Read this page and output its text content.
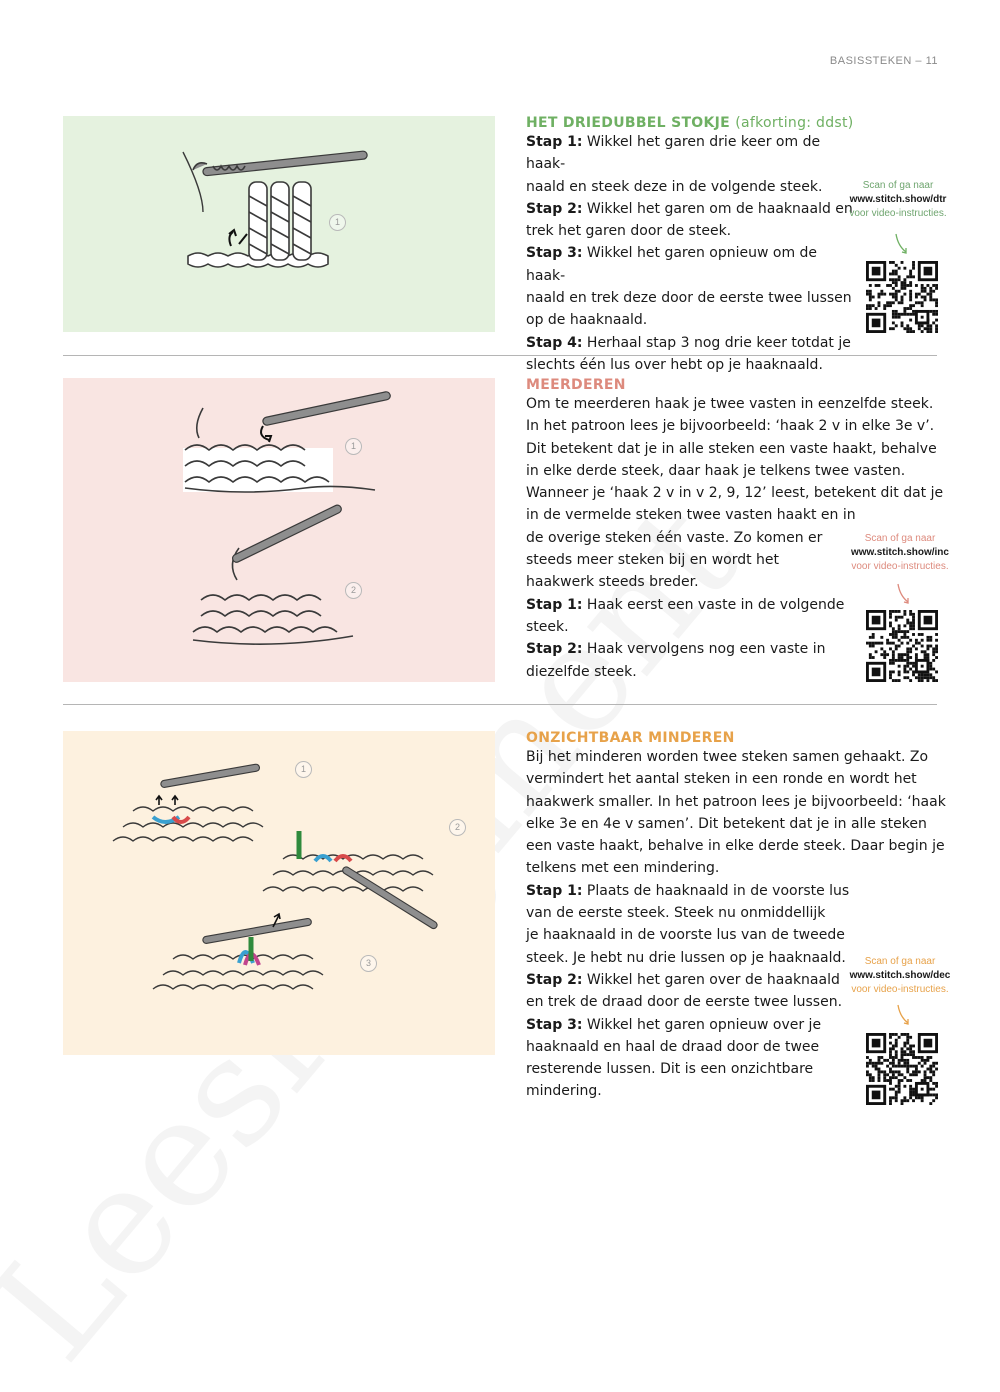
BASISSTEKEN – 11
1
HET DRIEDUBBEL STOKJE (afkorting: ddst)

Stap 1: Wikkel het garen drie keer om de haak-

naald en steek deze in de volgende steek.

Stap 2: Wikkel het garen om de haaknaald en

trek het garen door de steek.

Stap 3: Wikkel het garen opnieuw om de haak-

naald en trek deze door de eerste twee lussen

op de haaknaald.

Stap 4: Herhaal stap 3 nog drie keer totdat je

slechts één lus over hebt op je haaknaald.

Scan of ga naar
www.stitch.show/dtr
voor video-instructies.
1
2
MEERDEREN

Om te meerderen haak je twee vasten in eenzelfde steek.

In het patroon lees je bijvoorbeeld: ‘haak 2 v in elke 3e v’.

Dit betekent dat je in alle steken een vaste haakt, behalve

in elke derde steek, daar haak je telkens twee vasten.

Wanneer je ‘haak 2 v in v 2, 9, 12’ leest, betekent dit dat je

in de vermelde steken twee vasten haakt en in

de overige steken één vaste. Zo komen er

steeds meer steken bij en wordt het

haakwerk steeds breder.

Stap 1: Haak eerst een vaste in de volgende

steek.

Stap 2: Haak vervolgens nog een vaste in

diezelfde steek.

Scan of ga naar
www.stitch.show/inc
voor video-instructies.
1
2
3
ONZICHTBAAR MINDEREN

Bij het minderen worden twee steken samen gehaakt. Zo

vermindert het aantal steken in een ronde en wordt het

haakwerk smaller. In het patroon lees je bijvoorbeeld: ‘haak

elke 3e en 4e v samen’. Dit betekent dat je in alle steken

een vaste haakt, behalve in elke derde steek. Daar begin je

telkens met een mindering.

Stap 1: Plaats de haaknaald in de voorste lus

van de eerste steek. Steek nu onmiddellijk

je haaknaald in de voorste lus van de tweede

steek. Je hebt nu drie lussen op je haaknaald.

Stap 2: Wikkel het garen over de haaknaald

en trek de draad door de eerste twee lussen.

Stap 3: Wikkel het garen opnieuw over je

haaknaald en haal de draad door de twee

resterende lussen. Dit is een onzichtbare

mindering.

Scan of ga naar
www.stitch.show/dec
voor video-instructies.
